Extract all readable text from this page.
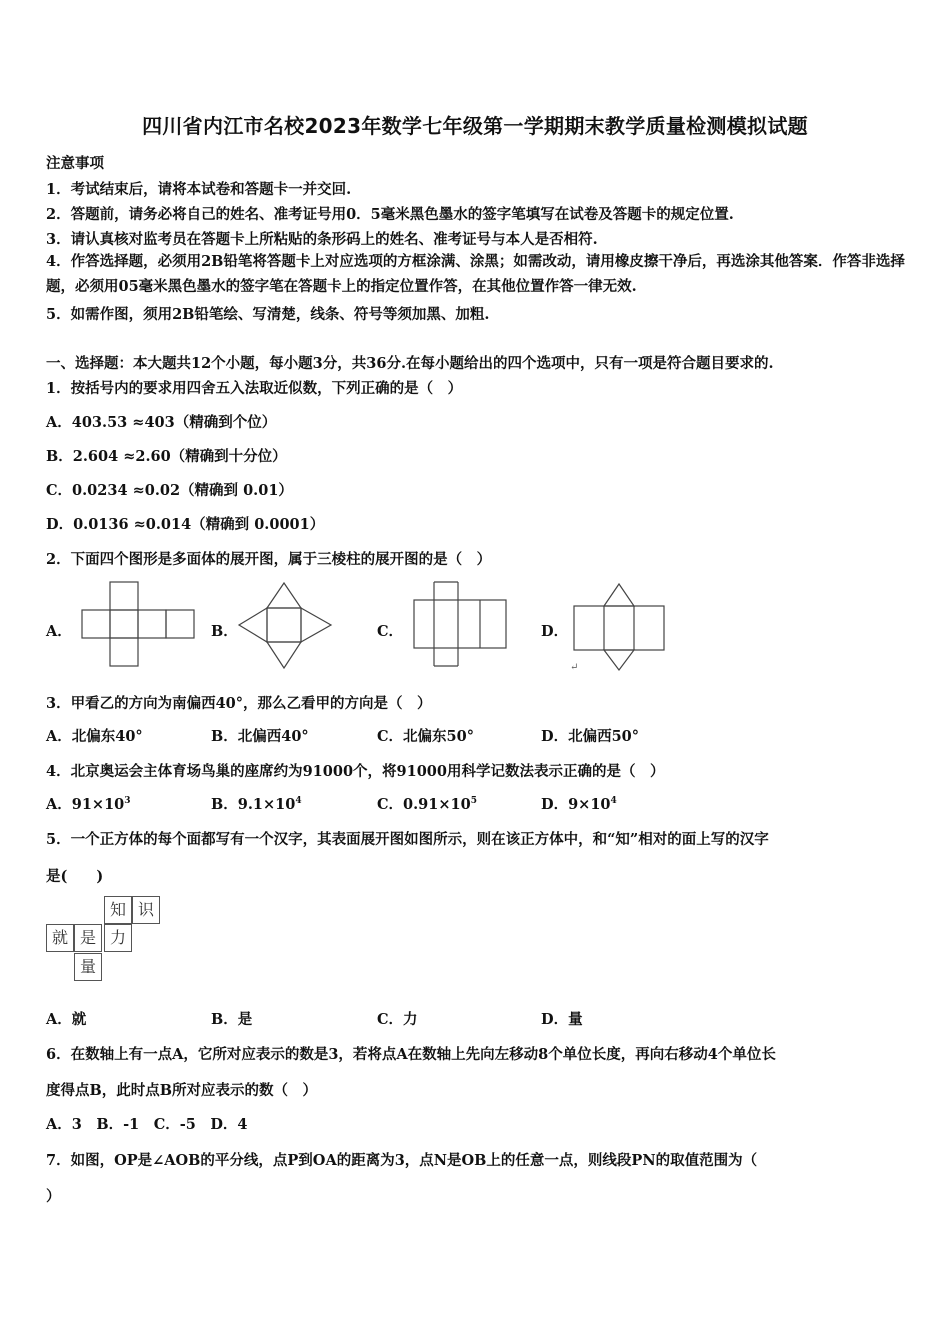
四川省内江市名校2023年数学七年级第一学期期末教学质量检测模拟试题
注意事项
1．考试结束后，请将本试卷和答题卡一并交回.
2．答题前，请务必将自己的姓名、准考证号用0．5毫米黑色墨水的签字笔填写在试卷及答题卡的规定位置.
3．请认真核对监考员在答题卡上所粘贴的条形码上的姓名、准考证号与本人是否相符.
4．作答选择题，必须用2B铅笔将答题卡上对应选项的方框涂满、涂黑；如需改动，请用橡皮擦干净后，再选涂其他答案．作答非选择题，必须用05毫米黑色墨水的签字笔在答题卡上的指定位置作答，在其他位置作答一律无效.
5．如需作图，须用2B铅笔绘、写清楚，线条、符号等须加黑、加粗.
一、选择题：本大题共12个小题，每小题3分，共36分.在每小题给出的四个选项中，只有一项是符合题目要求的.
1．按括号内的要求用四舍五入法取近似数，下列正确的是（　）
A．403.53 ≈403（精确到个位）
B．2.604 ≈2.60（精确到十分位）
C．0.0234 ≈0.02（精确到 0.01）
D．0.0136 ≈0.014（精确到 0.0001）
2．下面四个图形是多面体的展开图，属于三棱柱的展开图的是（　）
A．	B．	C．	D．
↵
3．甲看乙的方向为南偏西40°，那么乙看甲的方向是（　）
A．北偏东40°	B．北偏西40°	C．北偏东50°	D．北偏西50°
4．北京奥运会主体育场鸟巢的座席约为91000个，将91000用科学记数法表示正确的是（　）
A．$91\times 10^3$	B．$9.1\times 10^4$	C．$0.91\times 10^5$	D．$9\times 10^4$
5．一个正方体的每个面都写有一个汉字，其表面展开图如图所示，则在该正方体中，和“知”相对的面上写的汉字
是(　　)
知 识
就 是 力
量
A．就	B．是	C．力	D．量
6．在数轴上有一点A，它所对应表示的数是3，若将点A在数轴上先向左移动8个单位长度，再向右移动4个单位长
度得点B，此时点B所对应表示的数（　）
A．3　B．-1　C．-5　D．4
7．如图，OP是∠AOB的平分线，点P到OA的距离为3，点N是OB上的任意一点，则线段PN的取值范围为（
）
